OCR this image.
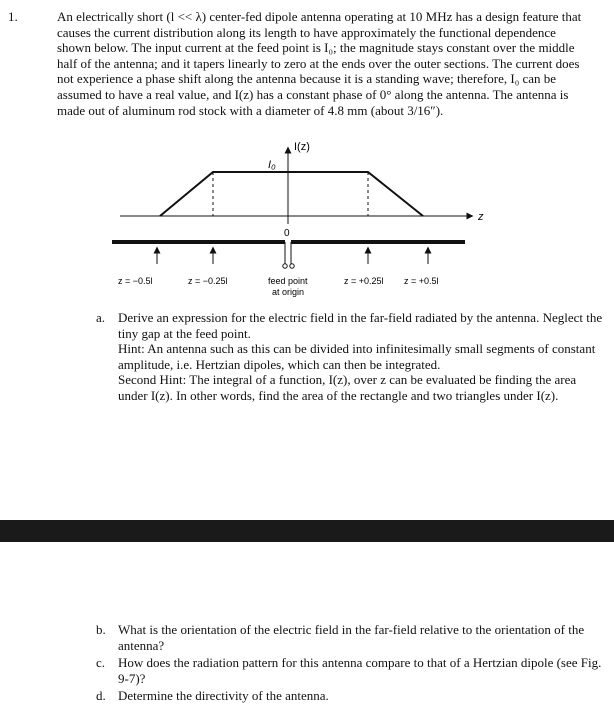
1.	An electrically short (l << λ) center-fed dipole antenna operating at 10 MHz has a design feature that causes the current distribution along its length to have approximately the functional dependence shown below. The input current at the feed point is I₀; the magnitude stays constant over the middle half of the antenna; and it tapers linearly to zero at the ends over the outer sections. The current does not experience a phase shift along the antenna because it is a standing wave; therefore, I₀ can be assumed to have a real value, and I(z) has a constant phase of 0° along the antenna. The antenna is made out of aluminum rod stock with a diameter of 4.8 mm (about 3/16″).
I(z)
I₀
z
0
z = −0.5l	z = −0.25l	feed point
at origin
z = +0.25l z = +0.5l
a. Derive an expression for the electric field in the far-field radiated by the antenna. Neglect the tiny gap at the feed point.
Hint: An antenna such as this can be divided into infinitesimally small segments of constant amplitude, i.e. Hertzian dipoles, which can then be integrated.
Second Hint: The integral of a function, I(z), over z can be evaluated be finding the area under I(z). In other words, find the area of the rectangle and two triangles under I(z).
b. What is the orientation of the electric field in the far-field relative to the orientation of the antenna?
c. How does the radiation pattern for this antenna compare to that of a Hertzian dipole (see Fig. 9-7)?
d. Determine the directivity of the antenna.
